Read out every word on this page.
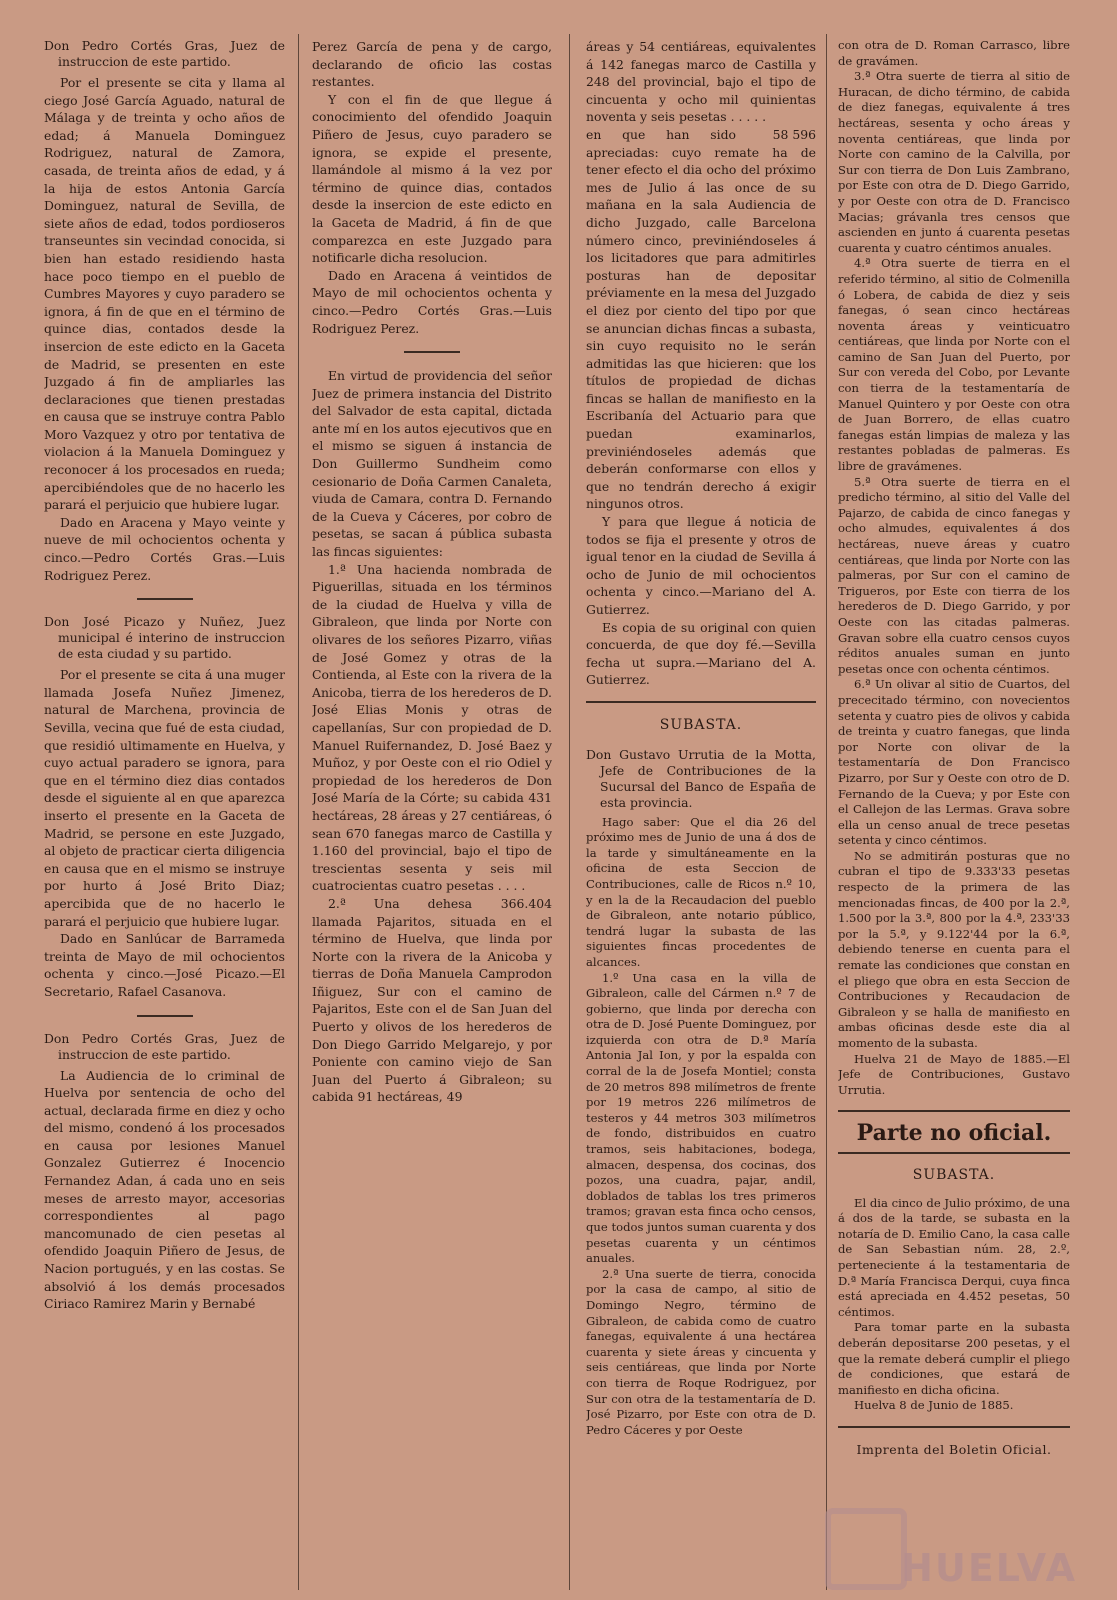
Don Pedro Cortés Gras, Juez de instruccion de este partido.

Por el presente se cita y llama al ciego José García Aguado, natural de Málaga y de treinta y ocho años de edad; á Manuela Dominguez Rodriguez, natural de Zamora, casada, de treinta años de edad, y á la hija de estos Antonia García Dominguez, natural de Sevilla, de siete años de edad, todos pordioseros transeuntes sin vecindad conocida, si bien han estado residiendo hasta hace poco tiempo en el pueblo de Cumbres Mayores y cuyo paradero se ignora, á fin de que en el término de quince dias, contados desde la insercion de este edicto en la Gaceta de Madrid, se presenten en este Juzgado á fin de ampliarles las declaraciones que tienen prestadas en causa que se instruye contra Pablo Moro Vazquez y otro por tentativa de violacion á la Manuela Dominguez y reconocer á los procesados en rueda; apercibiéndoles que de no hacerlo les parará el perjuicio que hubiere lugar.

Dado en Aracena y Mayo veinte y nueve de mil ochocientos ochenta y cinco.—Pedro Cortés Gras.—Luis Rodriguez Perez.

Don José Picazo y Nuñez, Juez municipal é interino de instruccion de esta ciudad y su partido.

Por el presente se cita á una muger llamada Josefa Nuñez Jimenez, natural de Marchena, provincia de Sevilla, vecina que fué de esta ciudad, que residió ultimamente en Huelva, y cuyo actual paradero se ignora, para que en el término diez dias contados desde el siguiente al en que aparezca inserto el presente en la Gaceta de Madrid, se persone en este Juzgado, al objeto de practicar cierta diligencia en causa que en el mismo se instruye por hurto á José Brito Diaz; apercibida que de no hacerlo le parará el perjuicio que hubiere lugar.

Dado en Sanlúcar de Barrameda treinta de Mayo de mil ochocientos ochenta y cinco.—José Picazo.—El Secretario, Rafael Casanova.

Don Pedro Cortés Gras, Juez de instruccion de este partido.

La Audiencia de lo criminal de Huelva por sentencia de ocho del actual, declarada firme en diez y ocho del mismo, condenó á los procesados en causa por lesiones Manuel Gonzalez Gutierrez é Inocencio Fernandez Adan, á cada uno en seis meses de arresto mayor, accesorias correspondientes al pago mancomunado de cien pesetas al ofendido Joaquin Piñero de Jesus, de Nacion portugués, y en las costas. Se absolvió á los demás procesados Ciriaco Ramirez Marin y Bernabé

Perez García de pena y de cargo, declarando de oficio las costas restantes.

Y con el fin de que llegue á conocimiento del ofendido Joaquin Piñero de Jesus, cuyo paradero se ignora, se expide el presente, llamándole al mismo á la vez por término de quince dias, contados desde la insercion de este edicto en la Gaceta de Madrid, á fin de que comparezca en este Juzgado para notificarle dicha resolucion.

Dado en Aracena á veintidos de Mayo de mil ochocientos ochenta y cinco.—Pedro Cortés Gras.—Luis Rodriguez Perez.

En virtud de providencia del señor Juez de primera instancia del Distrito del Salvador de esta capital, dictada ante mí en los autos ejecutivos que en el mismo se siguen á instancia de Don Guillermo Sundheim como cesionario de Doña Carmen Canaleta, viuda de Camara, contra D. Fernando de la Cueva y Cáceres, por cobro de pesetas, se sacan á pública subasta las fincas siguientes:

1.ª Una hacienda nombrada de Piguerillas, situada en los términos de la ciudad de Huelva y villa de Gibraleon, que linda por Norte con olivares de los señores Pizarro, viñas de José Gomez y otras de la Contienda, al Este con la rivera de la Anicoba, tierra de los herederos de D. José Elias Monis y otras de capellanías, Sur con propiedad de D. Manuel Ruifernandez, D. José Baez y Muñoz, y por Oeste con el rio Odiel y propiedad de los herederos de Don José María de la Córte; su cabida 431 hectáreas, 28 áreas y 27 centiáreas, ó sean 670 fanegas marco de Castilla y 1.160 del provincial, bajo el tipo de trescientas sesenta y seis mil cuatrocientas cuatro pesetas . . . .
366.404

2.ª Una dehesa llamada Pajaritos, situada en el término de Huelva, que linda por Norte con la rivera de la Anicoba y tierras de Doña Manuela Camprodon Iñiguez, Sur con el camino de Pajaritos, Este con el de San Juan del Puerto y olivos de los herederos de Don Diego Garrido Melgarejo, y por Poniente con camino viejo de San Juan del Puerto á Gibraleon; su cabida 91 hectáreas, 49

áreas y 54 centiáreas, equivalentes á 142 fanegas marco de Castilla y 248 del provincial, bajo el tipo de cincuenta y ocho mil quinientas noventa y seis pesetas . . . . .
58 596

en que han sido apreciadas: cuyo remate ha de tener efecto el dia ocho del próximo mes de Julio á las once de su mañana en la sala Audiencia de dicho Juzgado, calle Barcelona número cinco, previniéndoseles á los licitadores que para admitirles posturas han de depositar préviamente en la mesa del Juzgado el diez por ciento del tipo por que se anuncian dichas fincas a subasta, sin cuyo requisito no le serán admitidas las que hicieren: que los títulos de propiedad de dichas fincas se hallan de manifiesto en la Escribanía del Actuario para que puedan examinarlos, previniéndoseles además que deberán conformarse con ellos y que no tendrán derecho á exigir ningunos otros.

Y para que llegue á noticia de todos se fija el presente y otros de igual tenor en la ciudad de Sevilla á ocho de Junio de mil ochocientos ochenta y cinco.—Mariano del A. Gutierrez.

Es copia de su original con quien concuerda, de que doy fé.—Sevilla fecha ut supra.—Mariano del A. Gutierrez.

SUBASTA.

Don Gustavo Urrutia de la Motta, Jefe de Contribuciones de la Sucursal del Banco de España de esta provincia.

Hago saber: Que el dia 26 del próximo mes de Junio de una á dos de la tarde y simultáneamente en la oficina de esta Seccion de Contribuciones, calle de Ricos n.º 10, y en la de la Recaudacion del pueblo de Gibraleon, ante notario público, tendrá lugar la subasta de las siguientes fincas procedentes de alcances.

1.º Una casa en la villa de Gibraleon, calle del Cármen n.º 7 de gobierno, que linda por derecha con otra de D. José Puente Dominguez, por izquierda con otra de D.ª María Antonia Jal Ion, y por la espalda con corral de la de Josefa Montiel; consta de 20 metros 898 milímetros de frente por 19 metros 226 milímetros de testeros y 44 metros 303 milímetros de fondo, distribuidos en cuatro tramos, seis habitaciones, bodega, almacen, despensa, dos cocinas, dos pozos, una cuadra, pajar, andil, doblados de tablas los tres primeros tramos; gravan esta finca ocho censos, que todos juntos suman cuarenta y dos pesetas cuarenta y un céntimos anuales.

2.ª Una suerte de tierra, conocida por la casa de campo, al sitio de Domingo Negro, término de Gibraleon, de cabida como de cuatro fanegas, equivalente á una hectárea cuarenta y siete áreas y cincuenta y seis centiáreas, que linda por Norte con tierra de Roque Rodriguez, por Sur con otra de la testamentaría de D. José Pizarro, por Este con otra de D. Pedro Cáceres y por Oeste

con otra de D. Roman Carrasco, libre de gravámen.

3.ª Otra suerte de tierra al sitio de Huracan, de dicho término, de cabida de diez fanegas, equivalente á tres hectáreas, sesenta y ocho áreas y noventa centiáreas, que linda por Norte con camino de la Calvilla, por Sur con tierra de Don Luis Zambrano, por Este con otra de D. Diego Garrido, y por Oeste con otra de D. Francisco Macias; grávanla tres censos que ascienden en junto á cuarenta pesetas cuarenta y cuatro céntimos anuales.

4.ª Otra suerte de tierra en el referido término, al sitio de Colmenilla ó Lobera, de cabida de diez y seis fanegas, ó sean cinco hectáreas noventa áreas y veinticuatro centiáreas, que linda por Norte con el camino de San Juan del Puerto, por Sur con vereda del Cobo, por Levante con tierra de la testamentaría de Manuel Quintero y por Oeste con otra de Juan Borrero, de ellas cuatro fanegas están limpias de maleza y las restantes pobladas de palmeras. Es libre de gravámenes.

5.ª Otra suerte de tierra en el predicho término, al sitio del Valle del Pajarzo, de cabida de cinco fanegas y ocho almudes, equivalentes á dos hectáreas, nueve áreas y cuatro centiáreas, que linda por Norte con las palmeras, por Sur con el camino de Trigueros, por Este con tierra de los herederos de D. Diego Garrido, y por Oeste con las citadas palmeras. Gravan sobre ella cuatro censos cuyos réditos anuales suman en junto pesetas once con ochenta céntimos.

6.ª Un olivar al sitio de Cuartos, del prececitado término, con novecientos setenta y cuatro pies de olivos y cabida de treinta y cuatro fanegas, que linda por Norte con olivar de la testamentaría de Don Francisco Pizarro, por Sur y Oeste con otro de D. Fernando de la Cueva; y por Este con el Callejon de las Lermas. Grava sobre ella un censo anual de trece pesetas setenta y cinco céntimos.

No se admitirán posturas que no cubran el tipo de 9.333'33 pesetas respecto de la primera de las mencionadas fincas, de 400 por la 2.ª, 1.500 por la 3.ª, 800 por la 4.ª, 233'33 por la 5.ª, y 9.122'44 por la 6.ª, debiendo tenerse en cuenta para el remate las condiciones que constan en el pliego que obra en esta Seccion de Contribuciones y Recaudacion de Gibraleon y se halla de manifiesto en ambas oficinas desde este dia al momento de la subasta.

Huelva 21 de Mayo de 1885.—El Jefe de Contribuciones, Gustavo Urrutia.

Parte no oficial.
SUBASTA.

El dia cinco de Julio próximo, de una á dos de la tarde, se subasta en la notaría de D. Emilio Cano, la casa calle de San Sebastian núm. 28, 2.º, perteneciente á la testamentaria de D.ª María Francisca Derqui, cuya finca está apreciada en 4.452 pesetas, 50 céntimos.

Para tomar parte en la subasta deberán depositarse 200 pesetas, y el que la remate deberá cumplir el pliego de condiciones, que estará de manifiesto en dicha oficina.

Huelva 8 de Junio de 1885.

Imprenta del Boletin Oficial.
HUELVA
